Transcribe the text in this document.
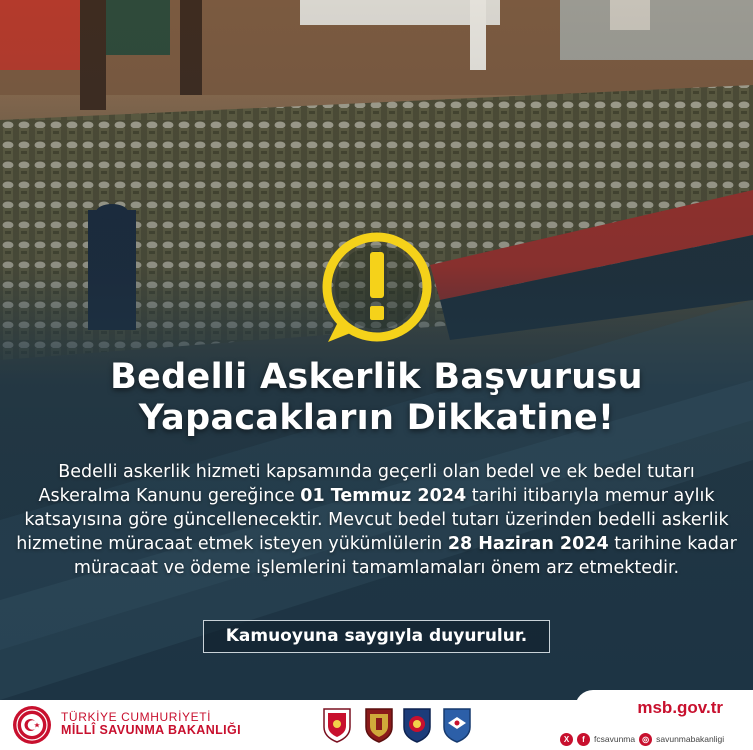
Bedelli Askerlik Başvurusu
Yapacakların Dikkatine!

Bedelli askerlik hizmeti kapsamında geçerli olan bedel ve ek bedel tutarı Askeralma Kanunu gereğince 01 Temmuz 2024 tarihi itibarıyla memur aylık katsayısına göre güncellenecektir. Mevcut bedel tutarı üzerinden bedelli askerlik hizmetine müracaat etmek isteyen yükümlülerin 28 Haziran 2024 tarihine kadar müracaat ve ödeme işlemlerini tamamlamaları önem arz etmektedir.

Kamuoyuna saygıyla duyurulur.
TÜRKİYE CUMHURİYETİ
MİLLÎ SAVUNMA BAKANLIĞI
msb.gov.tr
X	f	fcsavunma ◎ savunmabakanligi
